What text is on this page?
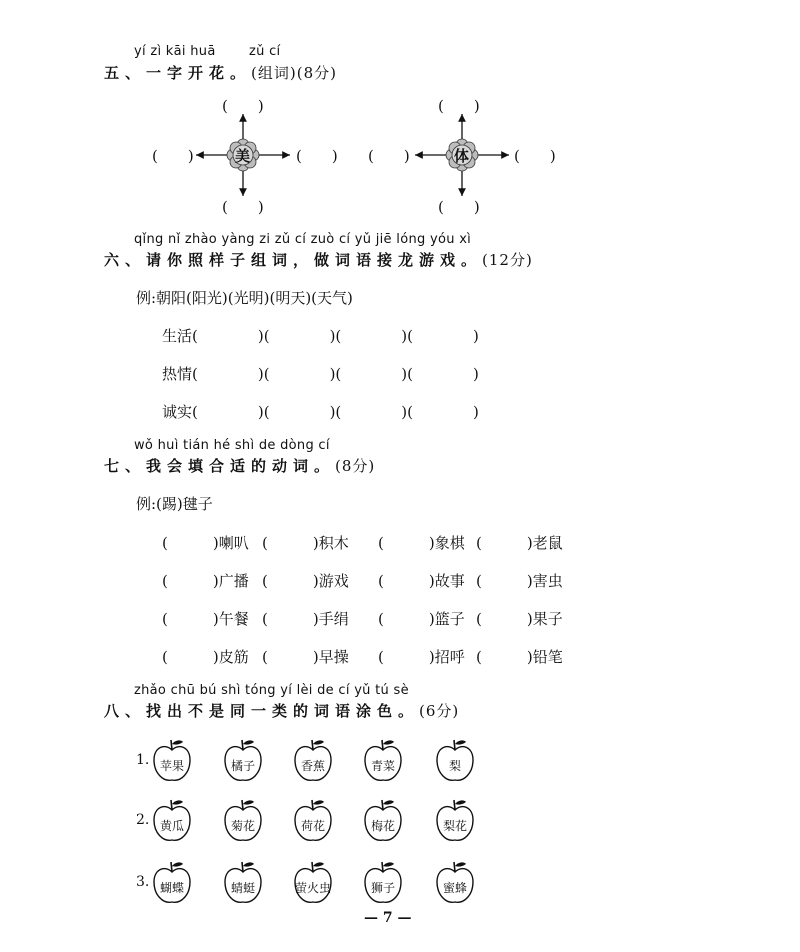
yí zì kāi huā	zǔ cí
五、一字开花。(组词)(8分)
美
(　　)
(　　)	(　　)
(　　)
体
(　　)
(　　)	(　　)
(　　)
qǐng nǐ zhào yàng zi zǔ cí zuò cí yǔ jiē lóng yóu xì
六、请你照样子组词，做词语接龙游戏。(12分)
例:朝阳(阳光)(光明)(明天)(天气)
生活(　　　　)(　　　　)(　　　　)(　　　　)
热情(　　　　)(　　　　)(　　　　)(　　　　)
诚实(　　　　)(　　　　)(　　　　)(　　　　)
wǒ huì tián hé shì de dòng cí
七、我会填合适的动词。(8分)
例:(踢)毽子
(　　　)喇叭 (　　　)积木 (　　　)象棋 (　　　)老鼠
(　　　)广播 (　　　)游戏 (　　　)故事 (　　　)害虫
(　　　)午餐 (　　　)手绢 (　　　)篮子 (　　　)果子
(　　　)皮筋 (　　　)早操 (　　　)招呼 (　　　)铅笔
zhǎo chū bú shì tóng yí lèi de cí yǔ tú sè
八、找出不是同一类的词语涂色。(6分)
1. 苹果	橘子	香蕉	青菜	梨
2. 黄瓜	菊花	荷花	梅花	梨花
3. 蝴蝶	蜻蜓	萤火虫	狮子	蜜蜂
— 7 —
